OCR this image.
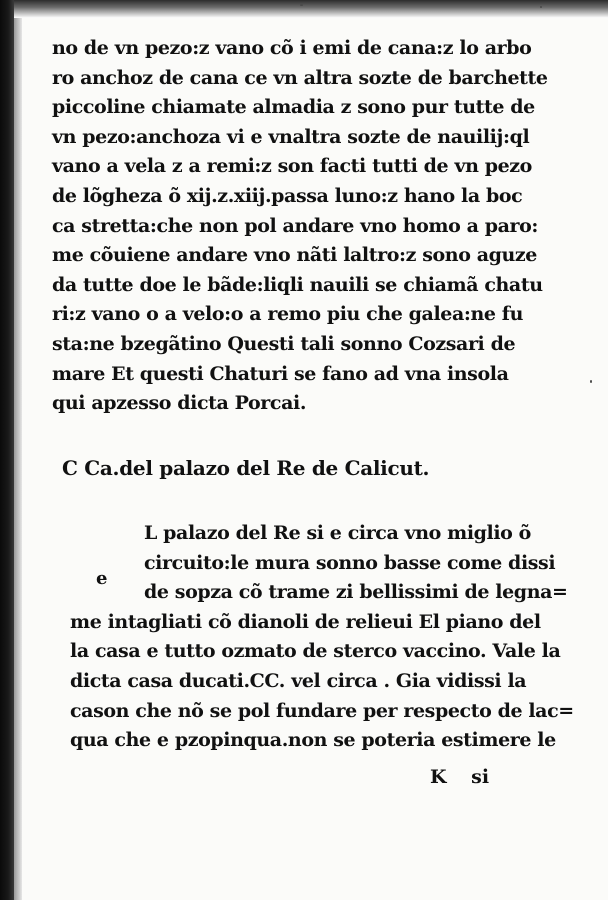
no de vn pezo:z vano cõ i emi de cana:z lo arbo
ro anchoz de cana ce vn altra sozte de barchette
piccoline chiamate almadia z sono pur tutte de
vn pezo:anchoza vi e vnaltra sozte de nauilij:ql
vano a vela z a remi:z son facti tutti de vn pezo
de lõgheza õ xij.z.xiij.passa luno:z hano la boc
ca stretta:che non pol andare vno homo a paro:
me cõuiene andare vno nãti laltro:z sono aguze
da tutte doe le bãde:liqli nauili se chiamã chatu
ri:z vano o a velo:o a remo piu che galea:ne fu
sta:ne bzegãtino Questi tali sonno Cozsari de
mare Et questi Chaturi se fano ad vna insola
qui apzesso dicta Porcai.
C Ca.del palazo del Re de Calicut.
e
L palazo del Re si e circa vno miglio õ
circuito:le mura sonno basse come dissi
de sopza cõ trame zi bellissimi de legna=
me intagliati cõ dianoli de relieui El piano del
la casa e tutto ozmato de sterco vaccino. Vale la
dicta casa ducati.CC. vel circa . Gia vidissi la
cason che nõ se pol fundare per respecto de lac=
qua che e pzopinqua.non se poteria estimere le
K si
